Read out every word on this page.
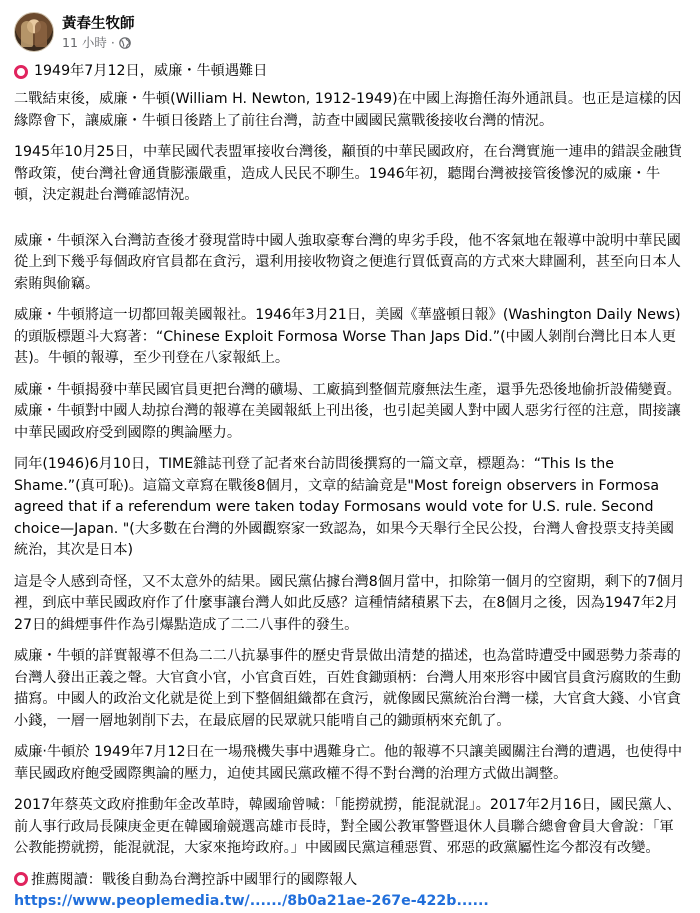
黃春生牧師
11 小時 ·
1949年7月12日，威廉・牛頓遇難日

二戰結束後，威廉・牛頓(William H. Newton, 1912-1949)在中國上海擔任海外通訊員。也正是這樣的因緣際會下，讓威廉・牛頓日後踏上了前往台灣，訪查中國國民黨戰後接收台灣的情況。

1945年10月25日，中華民國代表盟軍接收台灣後，顢頇的中華民國政府，在台灣實施一連串的錯誤金融貨幣政策，使台灣社會通貨膨漲嚴重，造成人民民不聊生。1946年初，聽聞台灣被接管後慘況的威廉・牛頓，決定親赴台灣確認情況。

威廉・牛頓深入台灣訪查後才發現當時中國人強取豪奪台灣的卑劣手段，他不客氣地在報導中說明中華民國從上到下幾乎每個政府官員都在貪污，還利用接收物資之便進行買低賣高的方式來大肆圖利，甚至向日本人索賄與偷竊。

威廉・牛頓將這一切都回報美國報社。1946年3月21日，美國《華盛頓日報》(Washington Daily News)的頭版標題斗大寫著：“Chinese Exploit Formosa Worse Than Japs Did.”(中國人剝削台灣比日本人更甚)。牛頓的報導，至少刊登在八家報紙上。

威廉・牛頓揭發中華民國官員更把台灣的礦場、工廠搞到整個荒廢無法生產，還爭先恐後地偷折設備變賣。威廉・牛頓對中國人劫掠台灣的報導在美國報紙上刊出後，也引起美國人對中國人惡劣行徑的注意，間接讓中華民國政府受到國際的輿論壓力。

同年(1946)6月10日，TIME雜誌刊登了記者來台訪問後撰寫的一篇文章，標題為：“This Is the Shame.”(真可恥)。這篇文章寫在戰後8個月，文章的結論竟是"Most foreign observers in Formosa agreed that if a referendum were taken today Formosans would vote for U.S. rule. Second choice—Japan. "(大多數在台灣的外國觀察家一致認為，如果今天舉行全民公投，台灣人會投票支持美國統治，其次是日本)

這是令人感到奇怪，又不太意外的結果。國民黨佔據台灣8個月當中，扣除第一個月的空窗期，剩下的7個月裡，到底中華民國政府作了什麼事讓台灣人如此反感？這種情緒積累下去，在8個月之後，因為1947年2月27日的緝煙事件作為引爆點造成了二二八事件的發生。

威廉・牛頓的詳實報導不但為二二八抗暴事件的歷史背景做出清楚的描述，也為當時遭受中國惡勢力荼毒的台灣人發出正義之聲。大官貪小官，小官貪百姓，百姓食鋤頭柄：台灣人用來形容中國官員貪污腐敗的生動描寫。中國人的政治文化就是從上到下整個組織都在貪污，就像國民黨統治台灣一樣，大官貪大錢、小官貪小錢，一層一層地剝削下去，在最底層的民眾就只能啃自己的鋤頭柄來充飢了。

威廉‧牛頓於 1949年7月12日在一場飛機失事中遇難身亡。他的報導不只讓美國關注台灣的遭遇，也使得中華民國政府飽受國際輿論的壓力，迫使其國民黨政權不得不對台灣的治理方式做出調整。

2017年蔡英文政府推動年金改革時，韓國瑜曾喊：「能撈就撈，能混就混」。2017年2月16日，國民黨人、前人事行政局長陳庚金更在韓國瑜競選高雄市長時，對全國公教軍警暨退休人員聯合總會會員大會說：「軍公教能撈就撈，能混就混，大家來拖垮政府。」中國國民黨這種惡質、邪惡的政黨屬性迄今都沒有改變。

推薦閱讀：戰後自動為台灣控訴中國罪行的國際報人 https://www.peoplemedia.tw/....../8b0a21ae-267e-422b......
